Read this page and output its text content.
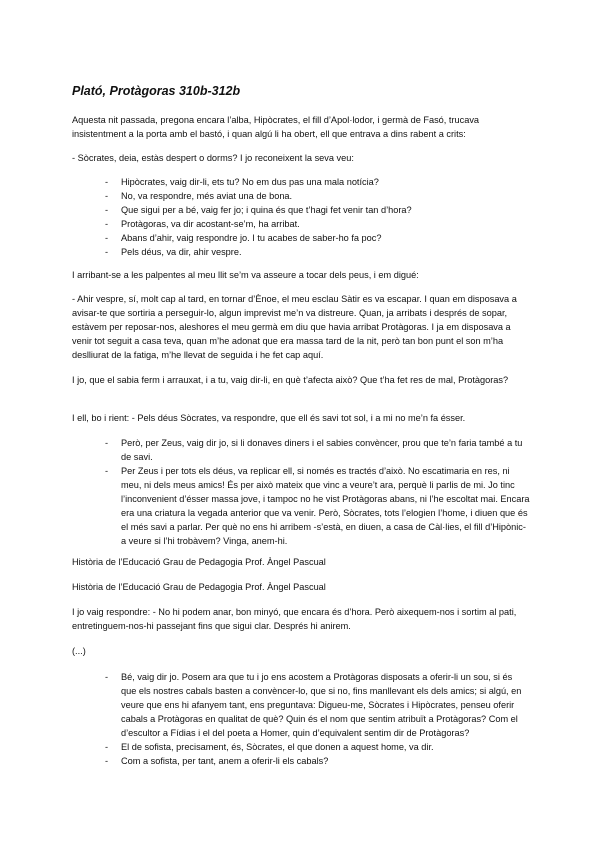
Plató, Protàgoras 310b-312b

Aquesta nit passada, pregona encara l’alba, Hipòcrates, el fill d’Apol·lodor, i germà de Fasó, trucava insistentment a la porta amb el bastó, i quan algú li ha obert, ell que entrava a dins rabent a crits:

- Sòcrates, deia, estàs despert o dorms? I jo reconeixent la seva veu:

- Hipòcrates, vaig dir-li, ets tu? No em dus pas una mala notícia?
- No, va respondre, més aviat una de bona.
- Que sigui per a bé, vaig fer jo; i quina és que t’hagi fet venir tan d’hora?
- Protàgoras, va dir acostant-se’m, ha arribat.
- Abans d’ahir, vaig respondre jo. I tu acabes de saber-ho fa poc?
- Pels déus, va dir, ahir vespre.

I arribant-se a les palpentes al meu llit se’m va asseure a tocar dels peus, i em digué:

- Ahir vespre, sí, molt cap al tard, en tornar d’Ènoe, el meu esclau Sàtir es va escapar. I quan em disposava a avisar-te que sortiria a perseguir-lo, algun imprevist me’n va distreure. Quan, ja arribats i després de sopar, estàvem per reposar-nos, aleshores el meu germà em diu que havia arribat Protàgoras. I ja em disposava a venir tot seguit a casa teva, quan m’he adonat que era massa tard de la nit, però tan bon punt el son m’ha deslliurat de la fatiga, m’he llevat de seguida i he fet cap aquí.

I jo, que el sabia ferm i arrauxat, i a tu, vaig dir-li, en què t’afecta això? Que t’ha fet res de mal, Protàgoras?

I ell, bo i rient: - Pels déus Sòcrates, va respondre, que ell és savi tot sol, i a mi no me’n fa ésser.

- Però, per Zeus, vaig dir jo, si li donaves diners i el sabies convèncer, prou que te’n faria també a tu de savi.
- Per Zeus i per tots els déus, va replicar ell, si només es tractés d’això. No escatimaria en res, ni meu, ni dels meus amics! És per això mateix que vinc a veure’t ara, perquè li parlis de mi. Jo tinc l’inconvenient d’ésser massa jove, i tampoc no he vist Protàgoras abans, ni l’he escoltat mai. Encara era una criatura la vegada anterior que va venir. Però, Sòcrates, tots l’elogien l’home, i diuen que és el més savi a parlar. Per què no ens hi arribem -s’està, en diuen, a casa de Càl·lies, el fill d’Hipònic- a veure si l’hi trobàvem? Vinga, anem-hi.

Història de l’Educació Grau de Pedagogia Prof. Àngel Pascual

Història de l’Educació Grau de Pedagogia Prof. Àngel Pascual

I jo vaig respondre: - No hi podem anar, bon minyó, que encara és d’hora. Però aixequem-nos i sortim al pati, entretinguem-nos-hi passejant fins que sigui clar. Després hi anirem.

(...)

- Bé, vaig dir jo. Posem ara que tu i jo ens acostem a Protàgoras disposats a oferir-li un sou, si és que els nostres cabals basten a convèncer-lo, que si no, fins manllevant els dels amics; si algú, en veure que ens hi afanyem tant, ens preguntava: Digueu-me, Sòcrates i Hipòcrates, penseu oferir cabals a Protàgoras en qualitat de què? Quin és el nom que sentim atribuït a Protàgoras? Com el d’escultor a Fídias i el del poeta a Homer, quin d’equivalent sentim dir de Protàgoras?
- El de sofista, precisament, és, Sòcrates, el que donen a aquest home, va dir.
- Com a sofista, per tant, anem a oferir-li els cabals?
